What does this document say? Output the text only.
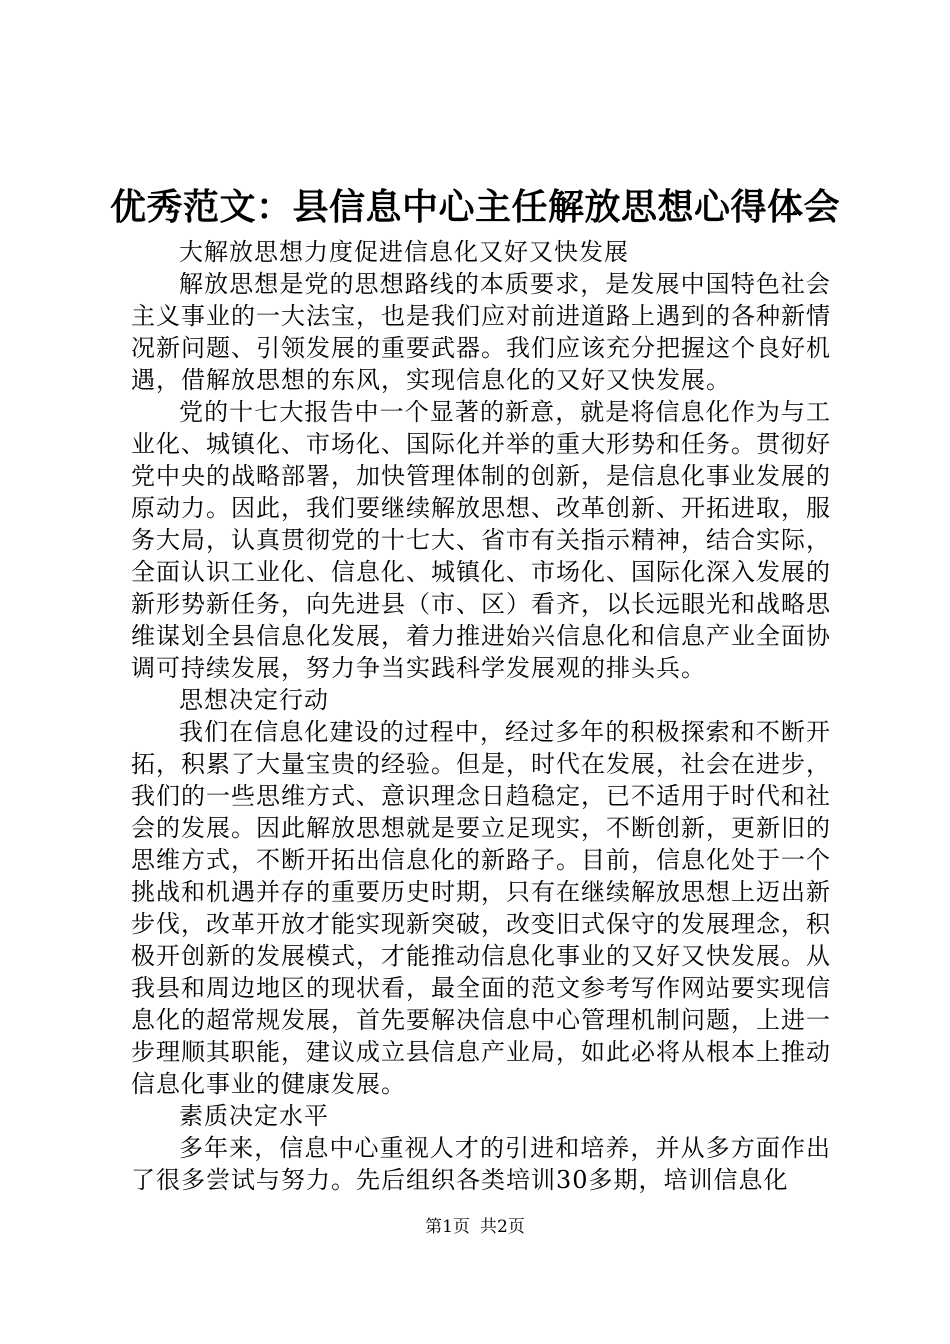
优秀范文：县信息中心主任解放思想心得体会

大解放思想力度促进信息化又好又快发展

解放思想是党的思想路线的本质要求，是发展中国特色社会主义事业的一大法宝，也是我们应对前进道路上遇到的各种新情况新问题、引领发展的重要武器。我们应该充分把握这个良好机遇，借解放思想的东风，实现信息化的又好又快发展。

党的十七大报告中一个显著的新意，就是将信息化作为与工业化、城镇化、市场化、国际化并举的重大形势和任务。贯彻好党中央的战略部署，加快管理体制的创新，是信息化事业发展的原动力。因此，我们要继续解放思想、改革创新、开拓进取，服务大局，认真贯彻党的十七大、省市有关指示精神，结合实际，全面认识工业化、信息化、城镇化、市场化、国际化深入发展的新形势新任务，向先进县（市、区）看齐，以长远眼光和战略思维谋划全县信息化发展，着力推进始兴信息化和信息产业全面协调可持续发展，努力争当实践科学发展观的排头兵。

思想决定行动

我们在信息化建设的过程中，经过多年的积极探索和不断开拓，积累了大量宝贵的经验。但是，时代在发展，社会在进步，我们的一些思维方式、意识理念日趋稳定，已不适用于时代和社会的发展。因此解放思想就是要立足现实，不断创新，更新旧的思维方式，不断开拓出信息化的新路子。目前，信息化处于一个挑战和机遇并存的重要历史时期，只有在继续解放思想上迈出新步伐，改革开放才能实现新突破，改变旧式保守的发展理念，积极开创新的发展模式，才能推动信息化事业的又好又快发展。从我县和周边地区的现状看，最全面的范文参考写作网站要实现信息化的超常规发展，首先要解决信息中心管理机制问题，上进一步理顺其职能，建议成立县信息产业局，如此必将从根本上推动信息化事业的健康发展。

素质决定水平

多年来，信息中心重视人才的引进和培养，并从多方面作出了很多尝试与努力。先后组织各类培训30多期，培训信息化

第1页 共2页
